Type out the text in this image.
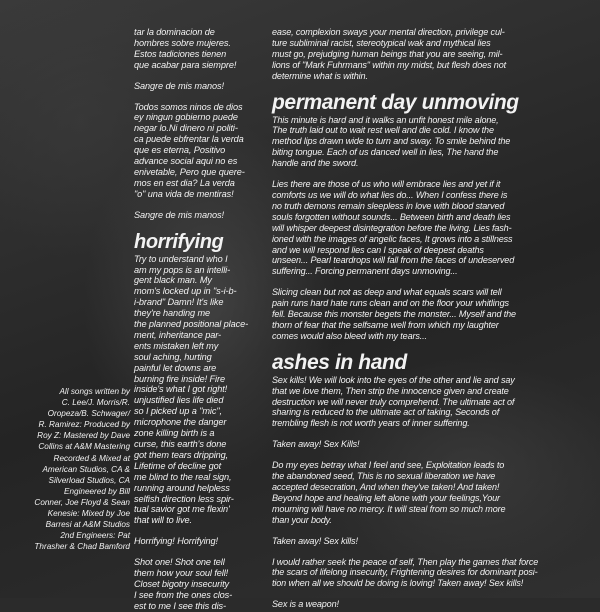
All songs written by
C. Lee/J. Morris/R.
Oropeza/B. Schwager/
R. Ramirez: Produced by
Roy Z: Mastered by Dave
Collins at A&M Mastering
Recorded & Mixed at
American Studios, CA &
Silverload Studios, CA
Engineered by Bill
Conner, Joe Floyd & Sean
Kenesie: Mixed by Joe
Barresi at A&M Studios
2nd Engineers: Pat
Thrasher & Chad Bamford

tar la dominacion de
hombres sobre mujeres.
Estos tadiciones tienen
que acabar para siempre!

Sangre de mis manos!

Todos somos ninos de dios
ey ningun gobierno puede
negar lo.Ni dinero ni politi-
ca puede ebfrentar la verda
que es eterna, Positivo
advance social aqui no es
enivetable, Pero que quere-
mos en est dia? La verda
"o" una vida de mentiras!

Sangre de mis manos!

horrifying

Try to understand who I
am my pops is an intelli-
gent black man. My
mom's locked up in "s-i-b-
i-brand" Damn! It's like
they're handing me
the planned positional place-
ment, inheritance par-
ents mistaken left my
soul aching, hurting
painful let downs are
burning fire inside! Fire
inside's what I got right!
unjustified lies life died
so I picked up a "mic",
microphone the danger
zone killing birth is a
curse, this earth's done
got them tears dripping,
Lifetime of decline got
me blind to the real sign,
running around helpless
selfish direction less spir-
tual savior got me flexin'
that will to live.

Horrifying! Horrifying!

Shot one! Shot one tell
them how your soul fell!
Closet bigotry insecurity
I see from the ones clos-
est to me I see this dis-

ease, complexion sways your mental direction, privilege cul-
ture subliminal racist, stereotypical wak and mythical lies
must go, prejudging human beings that you are seeing, mil-
lions of "Mark Fuhrmans" within my midst, but flesh does not
determine what is within.

permanent day unmoving

This minute is hard and it walks an unfit honest mile alone,
The truth laid out to wait rest well and die cold. I know the
method lips drawn wide to turn and sway. To smile behind the
biting tongue. Each of us danced well in lies, The hand the
handle and the sword.

Lies there are those of us who will embrace lies and yet if it
comforts us we will do what lies do... When I confess there is
no truth demons remain sleepless in love with blood starved
souls forgotten without sounds... Between birth and death lies
will whisper deepest disintegration before the living. Lies fash-
ioned with the images of angelic faces, It grows into a stillness
and we will respond lies can I speak of deepest deaths
unseen... Pearl teardrops will fall from the faces of undeserved
suffering... Forcing permanent days unmoving...

Slicing clean but not as deep and what equals scars will tell
pain runs hard hate runs clean and on the floor your whitlings
fell. Because this monster begets the monster... Myself and the
thorn of fear that the selfsame well from which my laughter
comes would also bleed with my tears...

ashes in hand

Sex kills! We will look into the eyes of the other and lie and say
that we love them, Then strip the innocence given and create
destruction we will never truly comprehend. The ultimate act of
sharing is reduced to the ultimate act of taking, Seconds of
trembling flesh is not worth years of inner suffering.

Taken away! Sex Kills!

Do my eyes betray what I feel and see, Exploitation leads to
the abandoned seed, This is no sexual liberation we have
accepted desecration, And when they've taken! And taken!
Beyond hope and healing left alone with your feelings,Your
mourning will have no mercy. It will steal from so much more
than your body.

Taken away! Sex kills!

I would rather seek the peace of self, Then play the games that force
the scars of lifelong insecurity, Frightening desires for dominant posi-
tion when all we should be doing is loving! Taken away! Sex kills!

Sex is a weapon!
